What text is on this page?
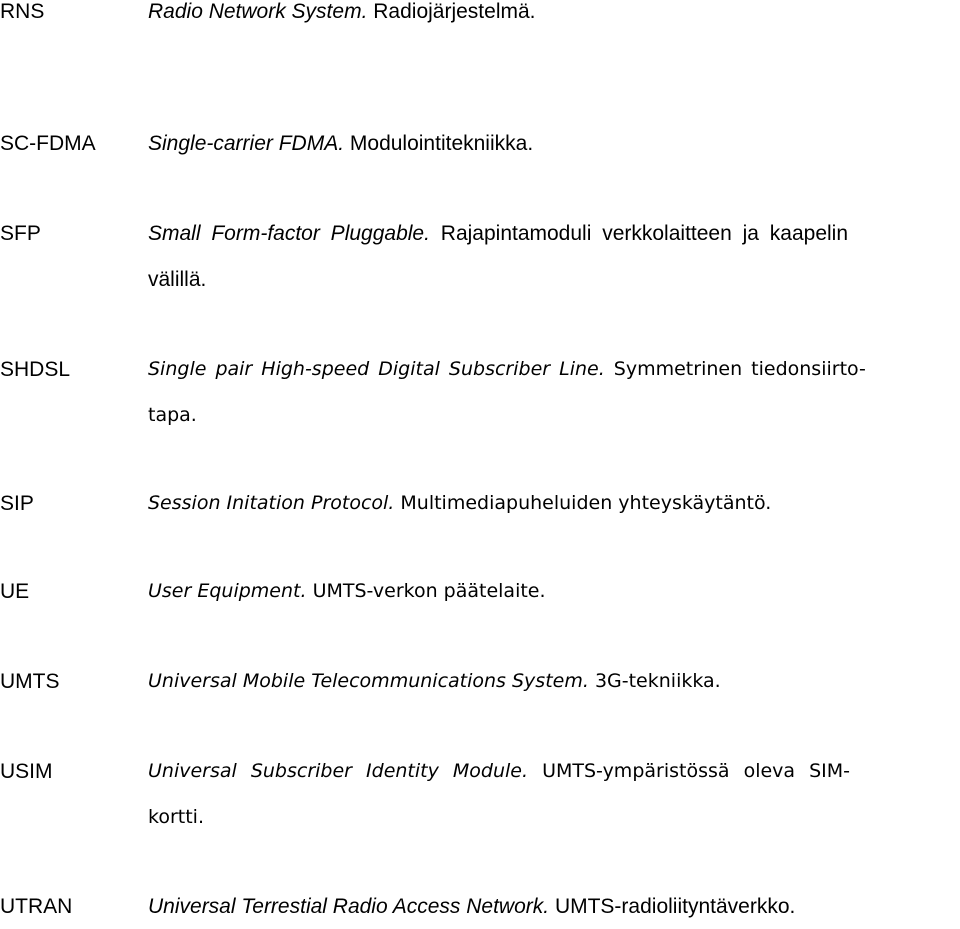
RNS	Radio Network System. Radiojärjestelmä.
SC-FDMA Single-carrier FDMA. Modulointitekniikka.
SFP	Small Form-factor Pluggable. Rajapintamoduli verkkolaitteen ja kaapelin
välillä.
SHDSL	Single pair High-speed Digital Subscriber Line. Symmetrinen tiedonsiirto-
tapa.
SIP	Session Initation Protocol. Multimediapuheluiden yhteyskäytäntö.
UE	User Equipment. UMTS-verkon päätelaite.
UMTS	Universal Mobile Telecommunications System. 3G-tekniikka.
USIM	Universal Subscriber Identity Module. UMTS-ympäristössä oleva SIM-
kortti.
UTRAN	Universal Terrestial Radio Access Network. UMTS-radioliityntäverkko.
